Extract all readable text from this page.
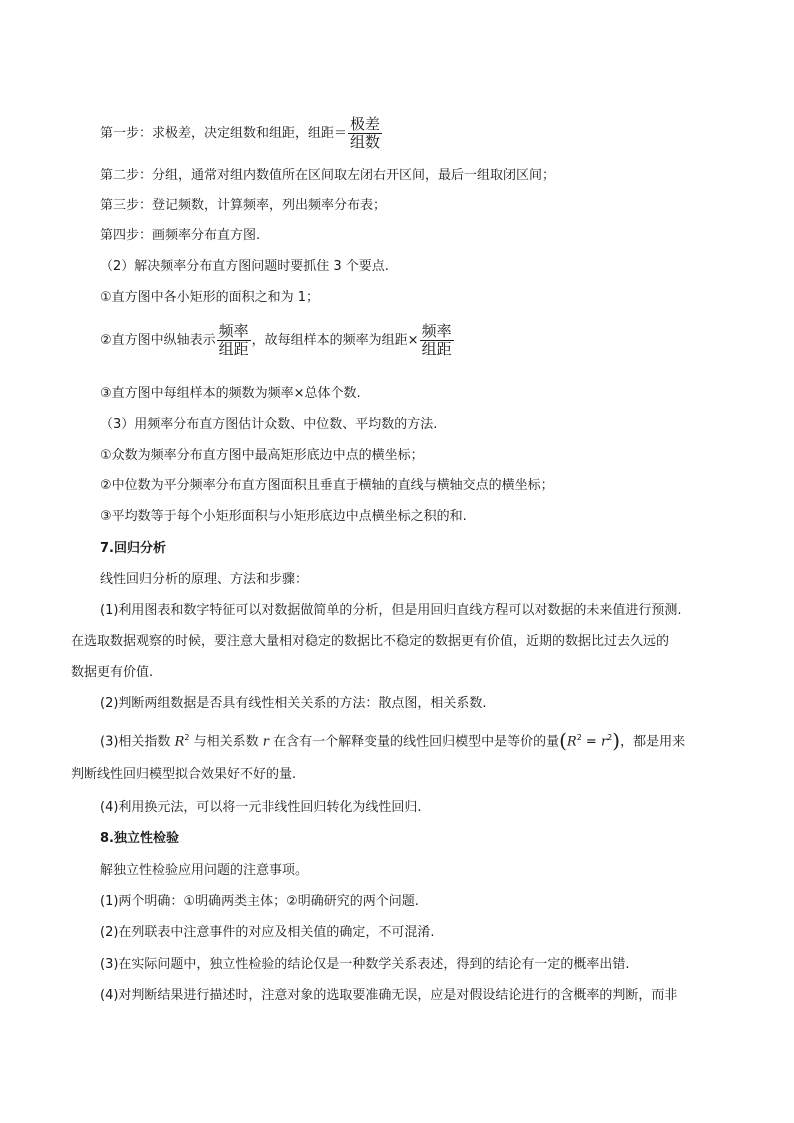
第一步：求极差，决定组数和组距，组距＝ $\frac{\text{极差}}{\text{组数}}$
第二步：分组，通常对组内数值所在区间取左闭右开区间，最后一组取闭区间；
第三步：登记频数，计算频率，列出频率分布表；
第四步：画频率分布直方图.
（2）解决频率分布直方图问题时要抓住 3 个要点.
①直方图中各小矩形的面积之和为 1；
②直方图中纵轴表示 $\frac{\text{频率}}{\text{组距}}$ ，故每组样本的频率为组距× $\frac{\text{频率}}{\text{组距}}$
③直方图中每组样本的频数为频率×总体个数.
（3）用频率分布直方图估计众数、中位数、平均数的方法.
①众数为频率分布直方图中最高矩形底边中点的横坐标；
②中位数为平分频率分布直方图面积且垂直于横轴的直线与横轴交点的横坐标；
③平均数等于每个小矩形面积与小矩形底边中点横坐标之积的和.
7.回归分析
线性回归分析的原理、方法和步骤：
(1)利用图表和数字特征可以对数据做简单的分析，但是用回归直线方程可以对数据的未来值进行预测.
在选取数据观察的时候，要注意大量相对稳定的数据比不稳定的数据更有价值，近期的数据比过去久远的
数据更有价值.
(2)判断两组数据是否具有线性相关关系的方法：散点图，相关系数.
(3)相关指数 $R^2$ 与相关系数 r 在含有一个解释变量的线性回归模型中是等价的量$(R^2 = r^2)$，都是用来
判断线性回归模型拟合效果好不好的量.
(4)利用换元法，可以将一元非线性回归转化为线性回归.
8.独立性检验
解独立性检验应用问题的注意事项。
(1)两个明确：①明确两类主体；②明确研究的两个问题.
(2)在列联表中注意事件的对应及相关值的确定，不可混淆.
(3)在实际问题中，独立性检验的结论仅是一种数学关系表述，得到的结论有一定的概率出错.
(4)对判断结果进行描述时，注意对象的选取要准确无误，应是对假设结论进行的含概率的判断，而非
